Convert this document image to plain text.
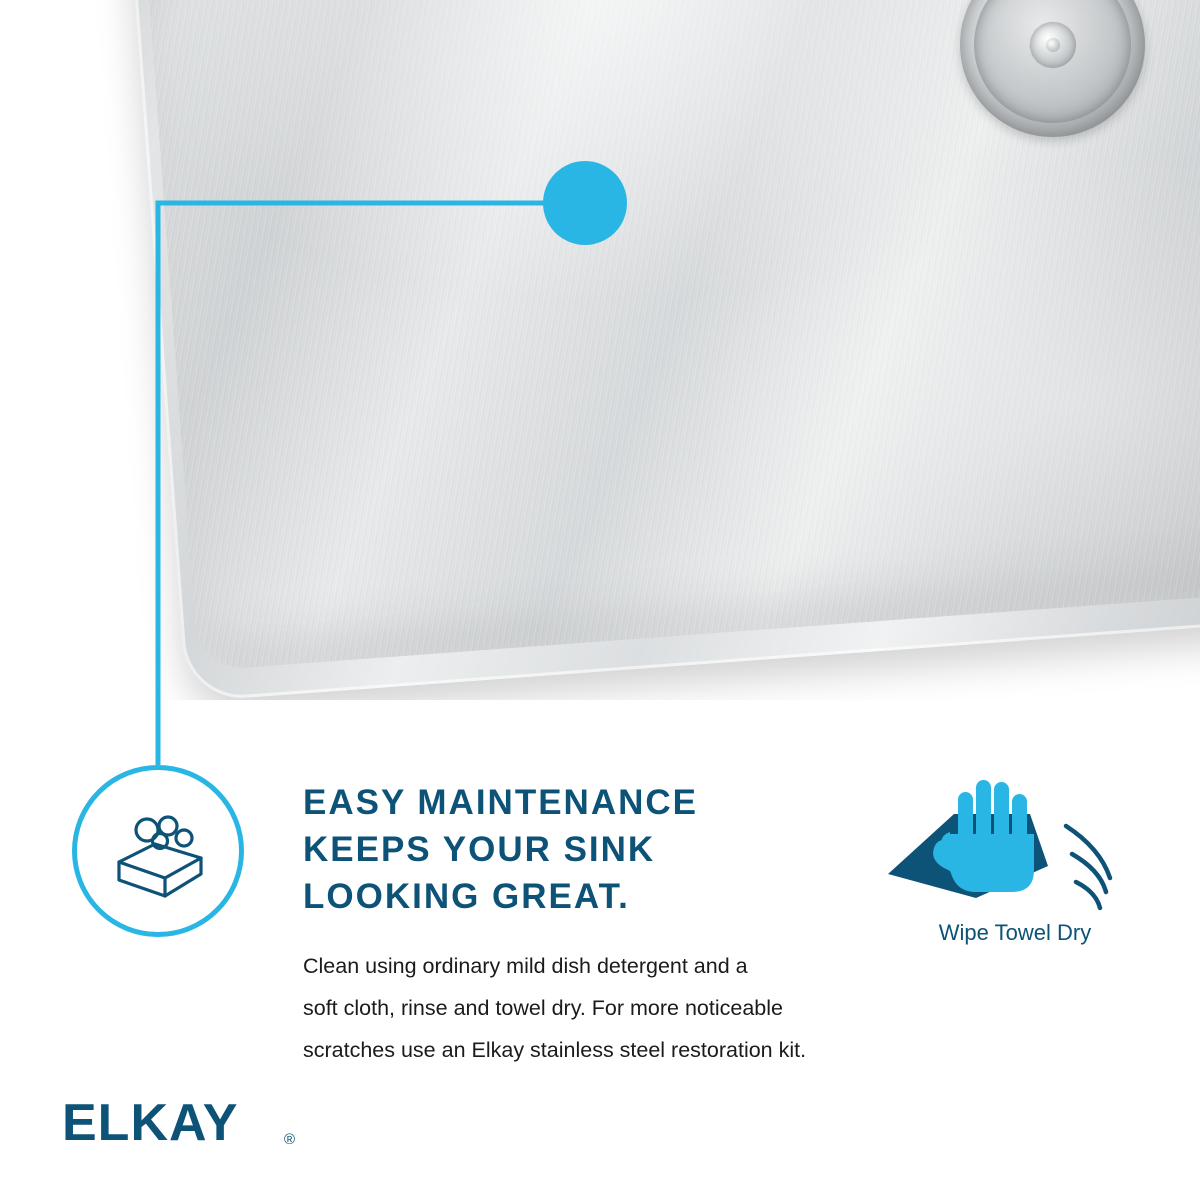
EASY MAINTENANCE
KEEPS YOUR SINK
LOOKING GREAT.
Clean using ordinary mild dish detergent and a
soft cloth, rinse and towel dry. For more noticeable
scratches use an Elkay stainless steel restoration kit.
Wipe Towel Dry
ELKAY	®
